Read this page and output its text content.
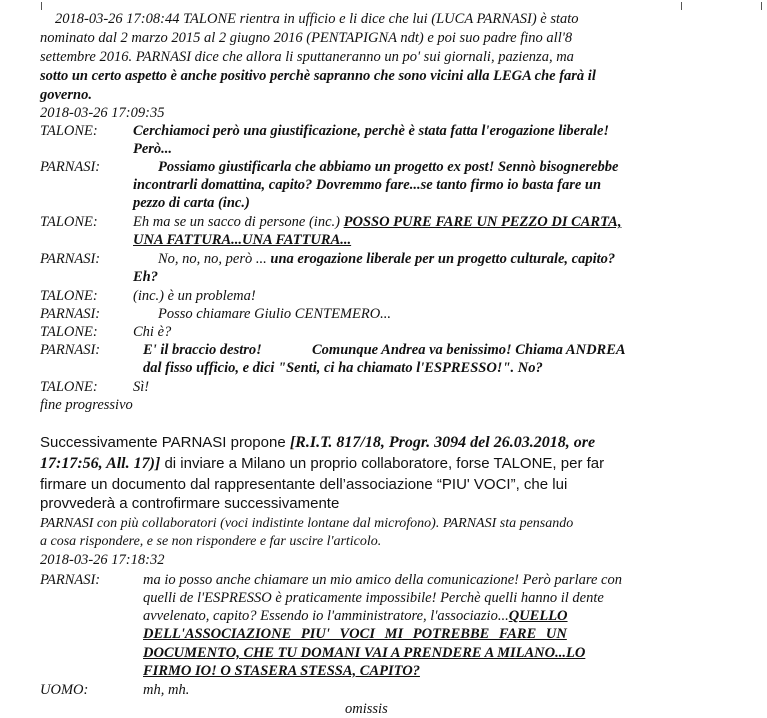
2018-03-26 17:08:44 TALONE rientra in ufficio e li dice che lui (LUCA PARNASI) è stato
nominato dal 2 marzo 2015 al 2 giugno 2016 (PENTAPIGNA ndt) e poi suo padre fino all'8
settembre 2016. PARNASI dice che allora li sputtaneranno un po' sui giornali, pazienza, ma
sotto un certo aspetto è anche positivo perchè sapranno che sono vicini alla LEGA che farà il
governo.
2018-03-26 17:09:35
TALONE: Cerchiamoci però una giustificazione, perchè è stata fatta l'erogazione liberale!
Però...
PARNASI:	Possiamo giustificarla che abbiamo un progetto ex post! Sennò bisognerebbe
incontrarli domattina, capito? Dovremmo fare...se tanto firmo io basta fare un
pezzo di carta (inc.)
TALONE: Eh ma se un sacco di persone (inc.) POSSO PURE FARE UN PEZZO DI CARTA,
UNA FATTURA...UNA FATTURA...
PARNASI:	No, no, no, però ... una erogazione liberale per un progetto culturale, capito?
Eh?
TALONE: (inc.) è un problema!
PARNASI:	Posso chiamare Giulio CENTEMERO...
TALONE: Chi è?
PARNASI:	E' il braccio destro!	Comunque Andrea va benissimo! Chiama ANDREA
dal fisso ufficio, e dici "Senti, ci ha chiamato l'ESPRESSO!". No?
TALONE: Sì!
fine progressivo
Successivamente PARNASI propone [R.I.T. 817/18, Progr. 3094 del 26.03.2018, ore
17:17:56, All. 17)] di inviare a Milano un proprio collaboratore, forse TALONE, per far
firmare un documento dal rappresentante dell’associazione “PIU' VOCI”, che lui
provvederà a controfirmare successivamente
PARNASI con più collaboratori (voci indistinte lontane dal microfono). PARNASI sta pensando
a cosa rispondere, e se non rispondere e far uscire l'articolo.
2018-03-26 17:18:32
PARNASI:	ma io posso anche chiamare un mio amico della comunicazione! Però parlare con
quelli de l'ESPRESSO è praticamente impossibile! Perchè quelli hanno il dente
avvelenato, capito? Essendo io l'amministratore, l'associazio...QUELLO
DELL'ASSOCIAZIONE PIU' VOCI MI POTREBBE FARE UN
DOCUMENTO, CHE TU DOMANI VAI A PRENDERE A MILANO...LO
FIRMO IO! O STASERA STESSA, CAPITO?
UOMO:	mh, mh.
omissis
